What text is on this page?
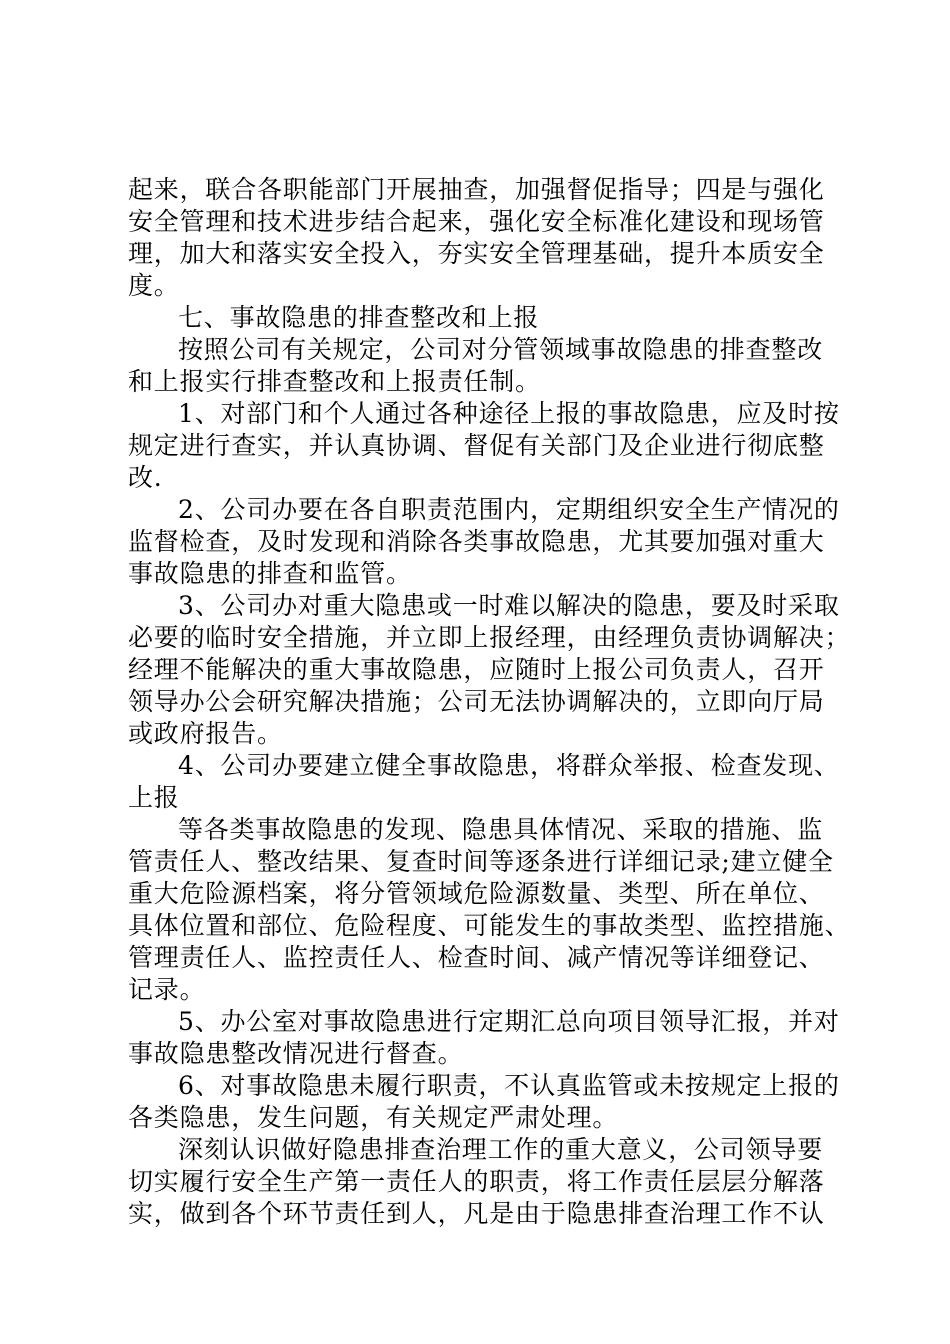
起来，联合各职能部门开展抽查，加强督促指导；四是与强化
安全管理和技术进步结合起来，强化安全标准化建设和现场管
理，加大和落实安全投入，夯实安全管理基础，提升本质安全
度。
七、事故隐患的排查整改和上报
按照公司有关规定，公司对分管领域事故隐患的排查整改
和上报实行排查整改和上报责任制。
1、对部门和个人通过各种途径上报的事故隐患，应及时按
规定进行查实，并认真协调、督促有关部门及企业进行彻底整
改.
2、公司办要在各自职责范围内，定期组织安全生产情况的
监督检查，及时发现和消除各类事故隐患，尤其要加强对重大
事故隐患的排查和监管。
3、公司办对重大隐患或一时难以解决的隐患，要及时采取
必要的临时安全措施，并立即上报经理，由经理负责协调解决；
经理不能解决的重大事故隐患，应随时上报公司负责人，召开
领导办公会研究解决措施；公司无法协调解决的，立即向厅局
或政府报告。
4、公司办要建立健全事故隐患，将群众举报、检查发现、
上报
等各类事故隐患的发现、隐患具体情况、采取的措施、监
管责任人、整改结果、复查时间等逐条进行详细记录;建立健全
重大危险源档案，将分管领域危险源数量、类型、所在单位、
具体位置和部位、危险程度、可能发生的事故类型、监控措施、
管理责任人、监控责任人、检查时间、减产情况等详细登记、
记录。
5、办公室对事故隐患进行定期汇总向项目领导汇报，并对
事故隐患整改情况进行督查。
6、对事故隐患未履行职责，不认真监管或未按规定上报的
各类隐患，发生问题，有关规定严肃处理。
深刻认识做好隐患排查治理工作的重大意义，公司领导要
切实履行安全生产第一责任人的职责，将工作责任层层分解落
实，做到各个环节责任到人，凡是由于隐患排查治理工作不认
